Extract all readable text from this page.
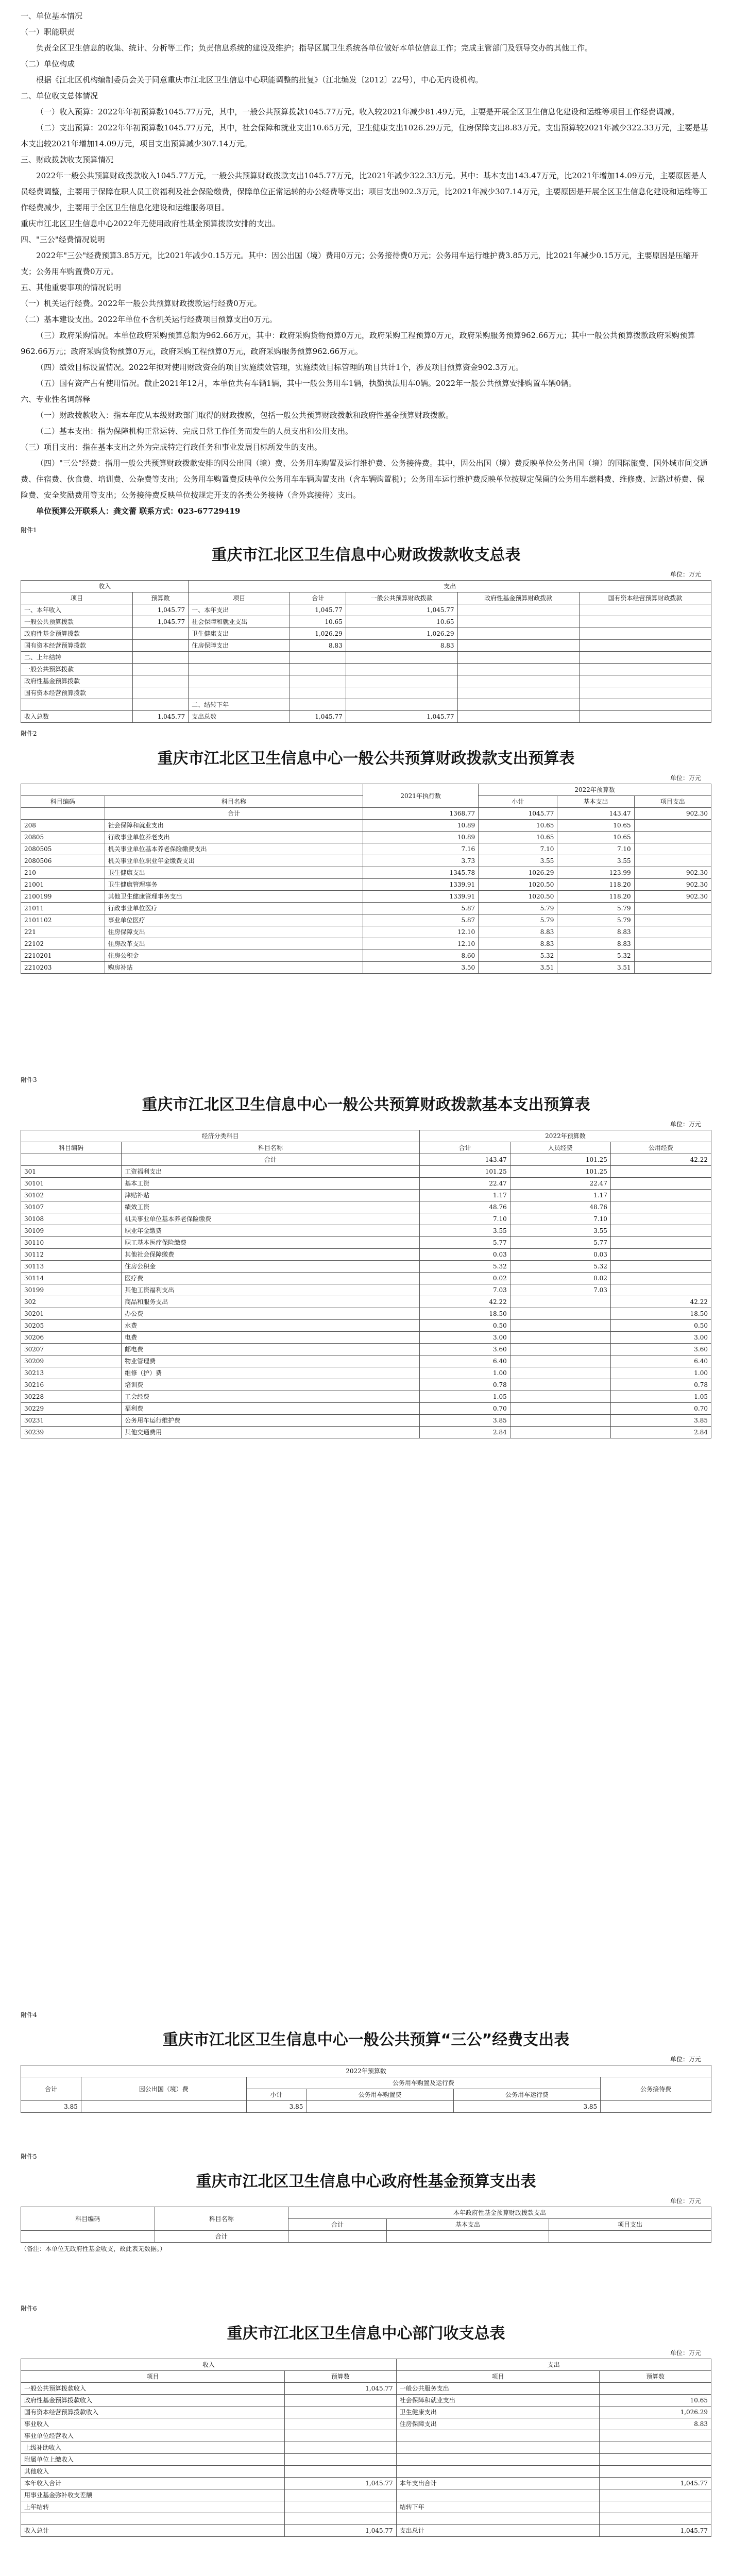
一、单位基本情况

（一）职能职责

负责全区卫生信息的收集、统计、分析等工作；负责信息系统的建设及维护；指导区属卫生系统各单位做好本单位信息工作；完成主管部门及领导交办的其他工作。

（二）单位构成

根据《江北区机构编制委员会关于同意重庆市江北区卫生信息中心职能调整的批复》（江北编发〔2012〕22号），中心无内设机构。

二、单位收支总体情况

（一）收入预算：2022年年初预算数1045.77万元，其中，一般公共预算拨款1045.77万元。收入较2021年减少81.49万元，主要是开展全区卫生信息化建设和运维等项目工作经费调减。

（二）支出预算：2022年年初预算数1045.77万元，其中，社会保障和就业支出10.65万元，卫生健康支出1026.29万元，住房保障支出8.83万元。支出预算较2021年减少322.33万元，主要是基本支出较2021年增加14.09万元，项目支出预算减少307.14万元。

三、财政拨款收支预算情况

2022年一般公共预算财政拨款收入1045.77万元，一般公共预算财政拨款支出1045.77万元，比2021年减少322.33万元。其中：基本支出143.47万元，比2021年增加14.09万元，主要原因是人员经费调整，主要用于保障在职人员工资福利及社会保险缴费，保障单位正常运转的办公经费等支出；项目支出902.3万元，比2021年减少307.14万元，主要原因是开展全区卫生信息化建设和运维等工作经费减少，主要用于全区卫生信息化建设和运维服务项目。

重庆市江北区卫生信息中心2022年无使用政府性基金预算拨款安排的支出。

四、"三公"经费情况说明

2022年"三公"经费预算3.85万元，比2021年减少0.15万元。其中：因公出国（境）费用0万元；公务接待费0万元；公务用车运行维护费3.85万元，比2021年减少0.15万元，主要原因是压缩开支；公务用车购置费0万元。

五、其他重要事项的情况说明

（一）机关运行经费。2022年一般公共预算财政拨款运行经费0万元。

（二）基本建设支出。2022年单位不含机关运行经费项目预算支出0万元。

（三）政府采购情况。本单位政府采购预算总额为962.66万元，其中：政府采购货物预算0万元，政府采购工程预算0万元，政府采购服务预算962.66万元；其中一般公共预算拨款政府采购预算962.66万元；政府采购货物预算0万元，政府采购工程预算0万元，政府采购服务预算962.66万元。

（四）绩效目标设置情况。2022年拟对使用财政资金的项目实施绩效管理，实施绩效目标管理的项目共计1个，涉及项目预算资金902.3万元。

（五）国有资产占有使用情况。截止2021年12月，本单位共有车辆1辆，其中一般公务用车1辆，执勤执法用车0辆。2022年一般公共预算安排购置车辆0辆。

六、专业性名词解释

（一）财政拨款收入：指本年度从本级财政部门取得的财政拨款，包括一般公共预算财政拨款和政府性基金预算财政拨款。

（二）基本支出：指为保障机构正常运转、完成日常工作任务而发生的人员支出和公用支出。

（三）项目支出：指在基本支出之外为完成特定行政任务和事业发展目标所发生的支出。

（四）"三公"经费：指用一般公共预算财政拨款安排的因公出国（境）费、公务用车购置及运行维护费、公务接待费。其中，因公出国（境）费反映单位公务出国（境）的国际旅费、国外城市间交通费、住宿费、伙食费、培训费、公杂费等支出；公务用车购置费反映单位公务用车车辆购置支出（含车辆购置税）；公务用车运行维护费反映单位按规定保留的公务用车燃料费、维修费、过路过桥费、保险费、安全奖励费用等支出；公务接待费反映单位按规定开支的各类公务接待（含外宾接待）支出。

单位预算公开联系人：龚文蕾 联系方式：023-67729419

附件1
重庆市江北区卫生信息中心财政拨款收支总表
单位：万元
收入		支出				
项目	预算数	项目	合计	一般公共预算财政拨款	政府性基金预算财政拨款	国有资本经营预算财政拨款
一、本年收入	1,045.77	一、本年支出	1,045.77	1,045.77		
一般公共预算拨款	1,045.77	社会保障和就业支出	10.65	10.65		
政府性基金预算拨款		卫生健康支出	1,026.29	1,026.29		
国有资本经营预算拨款		住房保障支出	8.83	8.83		
二、上年结转						
一般公共预算拨款						
政府性基金预算拨款						
国有资本经营预算拨款						
		二、结转下年				
收入总数	1,045.77	支出总数	1,045.77	1,045.77		
附件2
重庆市江北区卫生信息中心一般公共预算财政拨款支出预算表
单位：万元
		2021年执行数	2022年预算数		
科目编码	科目名称		小计	基本支出	项目支出
	合计	1368.77	1045.77	143.47	902.30
208	社会保障和就业支出	10.89	10.65	10.65	
20805	行政事业单位养老支出	10.89	10.65	10.65	
2080505	机关事业单位基本养老保险缴费支出	7.16	7.10	7.10	
2080506	机关事业单位职业年金缴费支出	3.73	3.55	3.55	
210	卫生健康支出	1345.78	1026.29	123.99	902.30
21001	卫生健康管理事务	1339.91	1020.50	118.20	902.30
2100199	其他卫生健康管理事务支出	1339.91	1020.50	118.20	902.30
21011	行政事业单位医疗	5.87	5.79	5.79	
2101102	事业单位医疗	5.87	5.79	5.79	
221	住房保障支出	12.10	8.83	8.83	
22102	住房改革支出	12.10	8.83	8.83	
2210201	住房公积金	8.60	5.32	5.32	
2210203	购房补贴	3.50	3.51	3.51	
附件3
重庆市江北区卫生信息中心一般公共预算财政拨款基本支出预算表
单位：万元
经济分类科目		2022年预算数		
科目编码	科目名称	合计	人员经费	公用经费
	合计	143.47	101.25	42.22
301	工资福利支出	101.25	101.25	
30101	基本工资	22.47	22.47	
30102	津贴补贴	1.17	1.17	
30107	绩效工资	48.76	48.76	
30108	机关事业单位基本养老保险缴费	7.10	7.10	
30109	职业年金缴费	3.55	3.55	
30110	职工基本医疗保险缴费	5.77	5.77	
30112	其他社会保障缴费	0.03	0.03	
30113	住房公积金	5.32	5.32	
30114	医疗费	0.02	0.02	
30199	其他工资福利支出	7.03	7.03	
302	商品和服务支出	42.22		42.22
30201	办公费	18.50		18.50
30205	水费	0.50		0.50
30206	电费	3.00		3.00
30207	邮电费	3.60		3.60
30209	物业管理费	6.40		6.40
30213	维修（护）费	1.00		1.00
30216	培训费	0.78		0.78
30228	工会经费	1.05		1.05
30229	福利费	0.70		0.70
30231	公务用车运行维护费	3.85		3.85
30239	其他交通费用	2.84		2.84
附件4
重庆市江北区卫生信息中心一般公共预算“三公”经费支出表
单位：万元
2022年预算数					
合计	因公出国（境）费	公务用车购置及运行费			公务接待费
		小计	公务用车购置费	公务用车运行费	
3.85		3.85		3.85	
附件5
重庆市江北区卫生信息中心政府性基金预算支出表
单位：万元
科目编码	科目名称	本年政府性基金预算财政拨款支出		
		合计	基本支出	项目支出
	合计			
（备注：本单位无政府性基金收支，故此表无数据。）
附件6
重庆市江北区卫生信息中心部门收支总表
单位：万元
收入		支出	
项目	预算数	项目	预算数
一般公共预算拨款收入	1,045.77	一般公共服务支出	
政府性基金预算拨款收入		社会保障和就业支出	10.65
国有资本经营预算拨款收入		卫生健康支出	1,026.29
事业收入		住房保障支出	8.83
事业单位经营收入			
上级补助收入			
附属单位上缴收入			
其他收入			
本年收入合计	1,045.77	本年支出合计	1,045.77
用事业基金弥补收支差额			
上年结转		结转下年	

收入总计	1,045.77	支出总计	1,045.77
